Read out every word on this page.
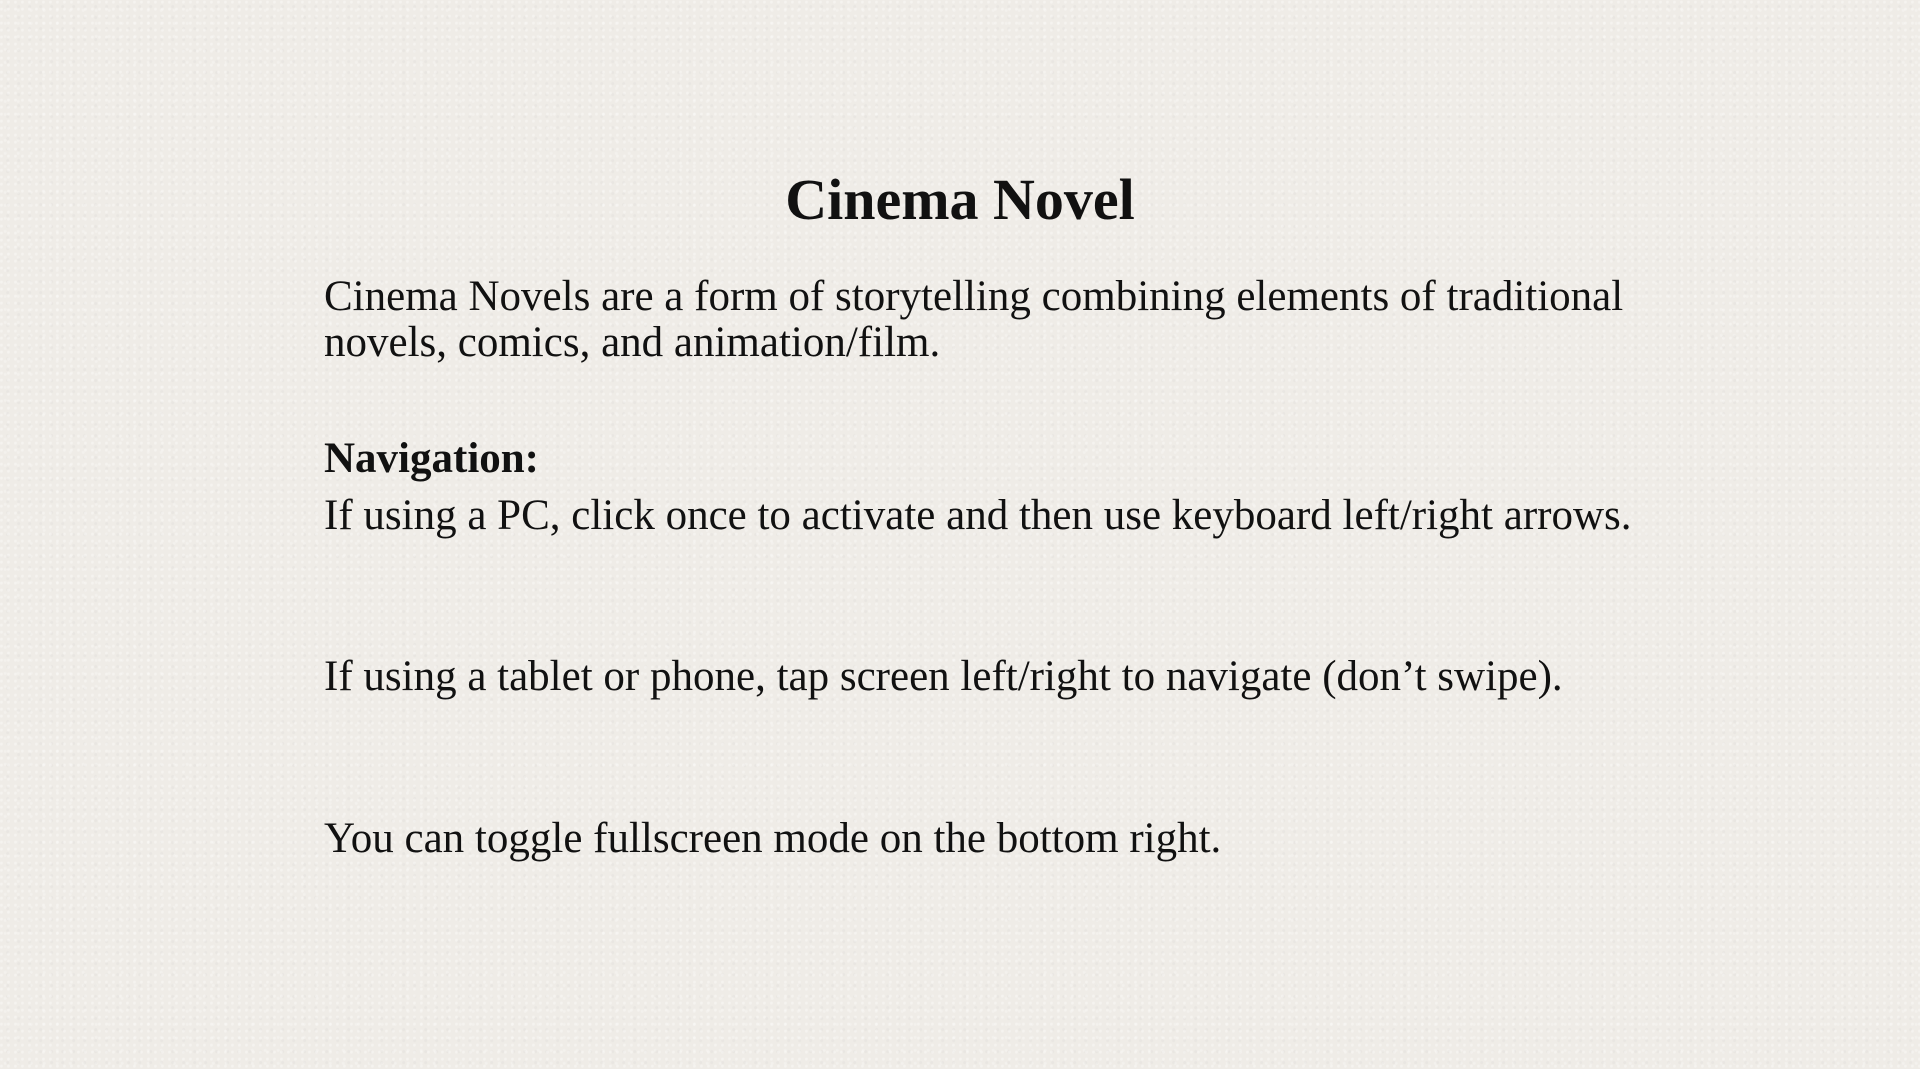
Cinema Novel

Cinema Novels are a form of storytelling combining elements of traditional novels, comics, and animation/film.

Navigation:

If using a PC, click once to activate and then use keyboard left/right arrows.

If using a tablet or phone, tap screen left/right to navigate (don’t swipe).

You can toggle fullscreen mode on the bottom right.
